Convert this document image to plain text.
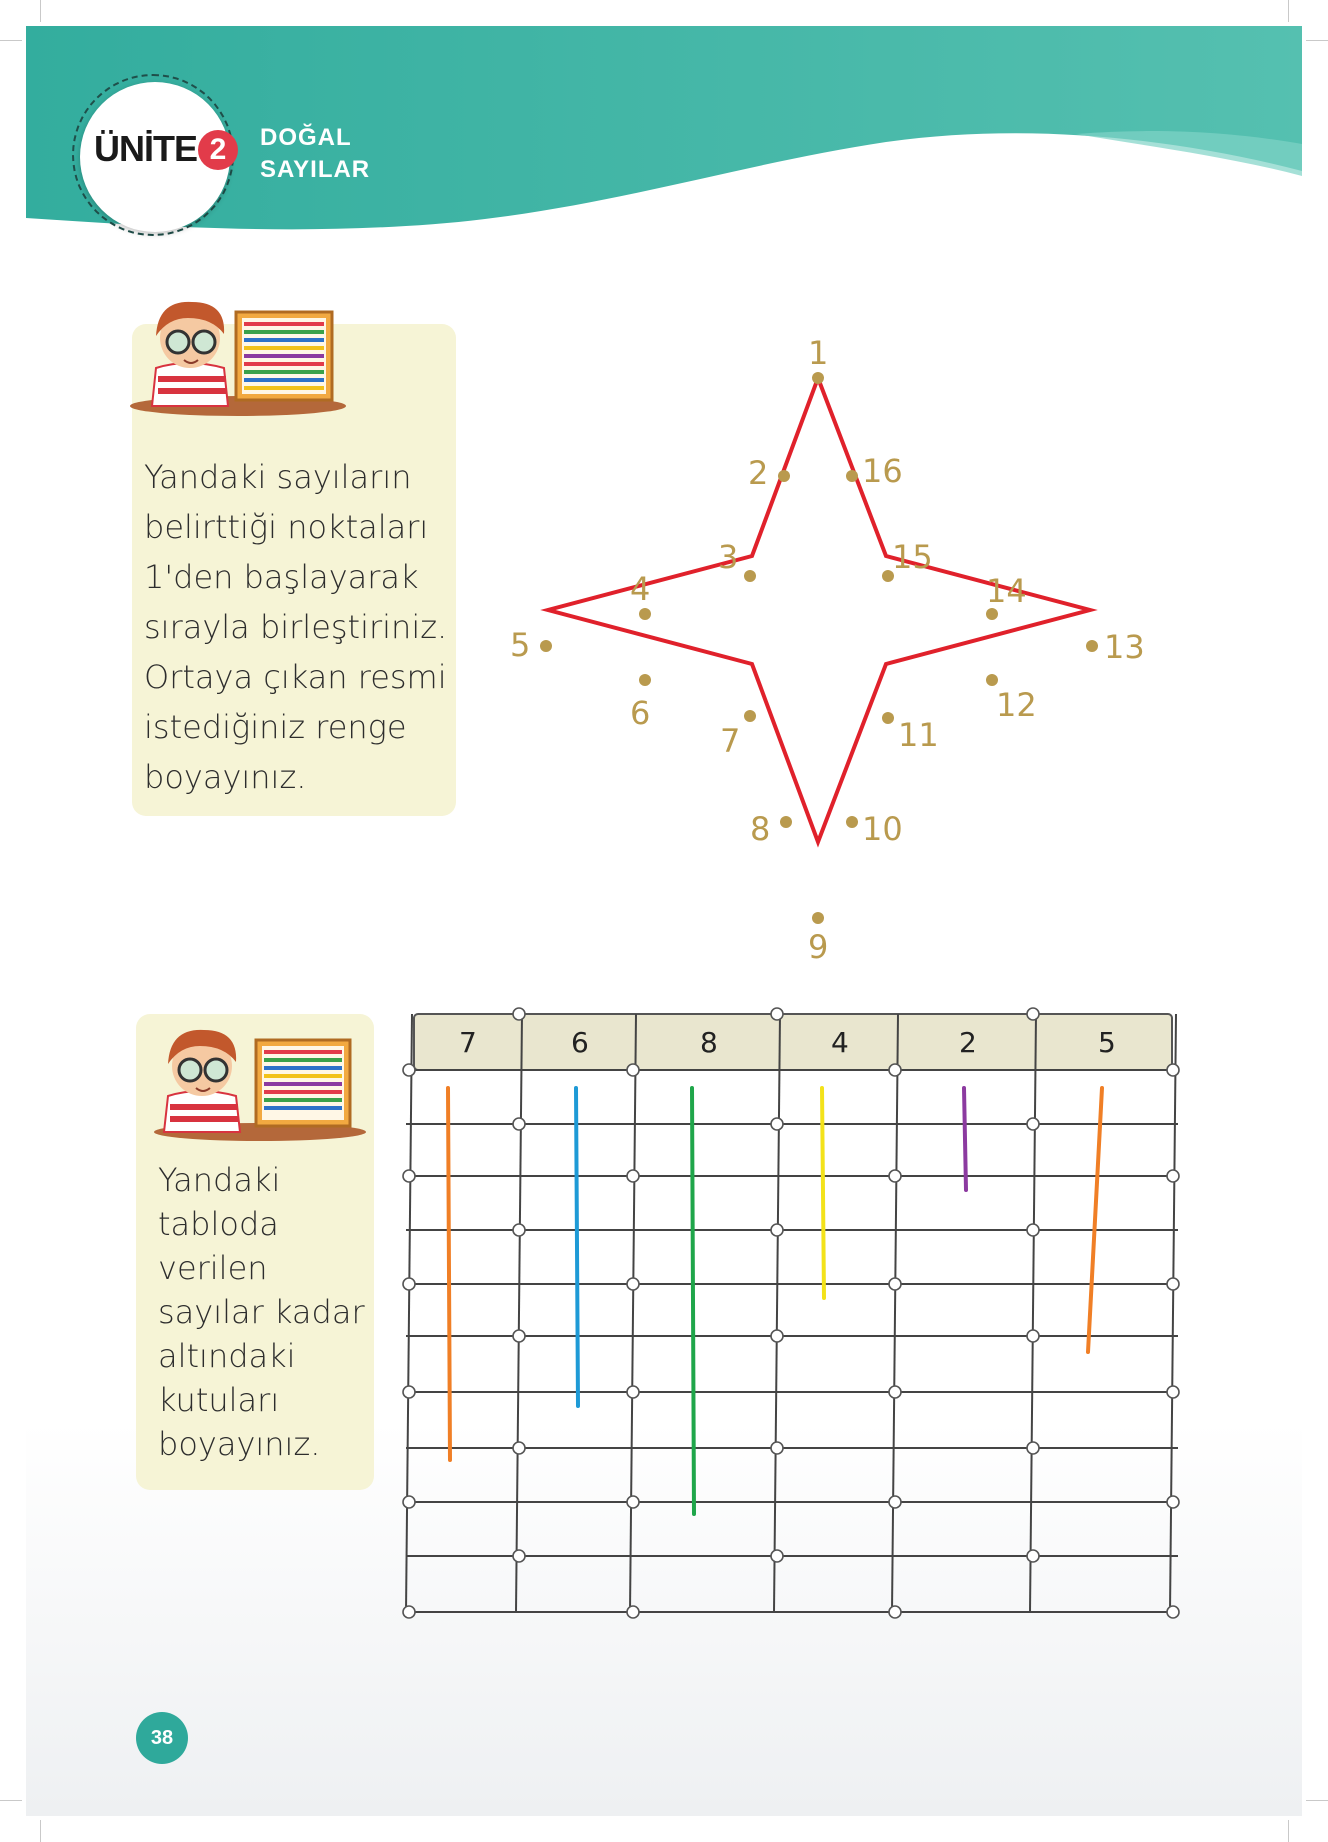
ÜNİTE 2	DOĞAL
SAYILAR
Yandaki sayıların
belirttiği noktaları
1'den başlayarak
sırayla birleştiriniz.
Ortaya çıkan resmi
istediğiniz renge
boyayınız.
1
2
3
4
5
6
7
8
9
10
11
12
13
14
15
16
Yandaki
tabloda
verilen
sayılar kadar
altındaki
kutuları
boyayınız.
7	6	8	4	2	5
38
